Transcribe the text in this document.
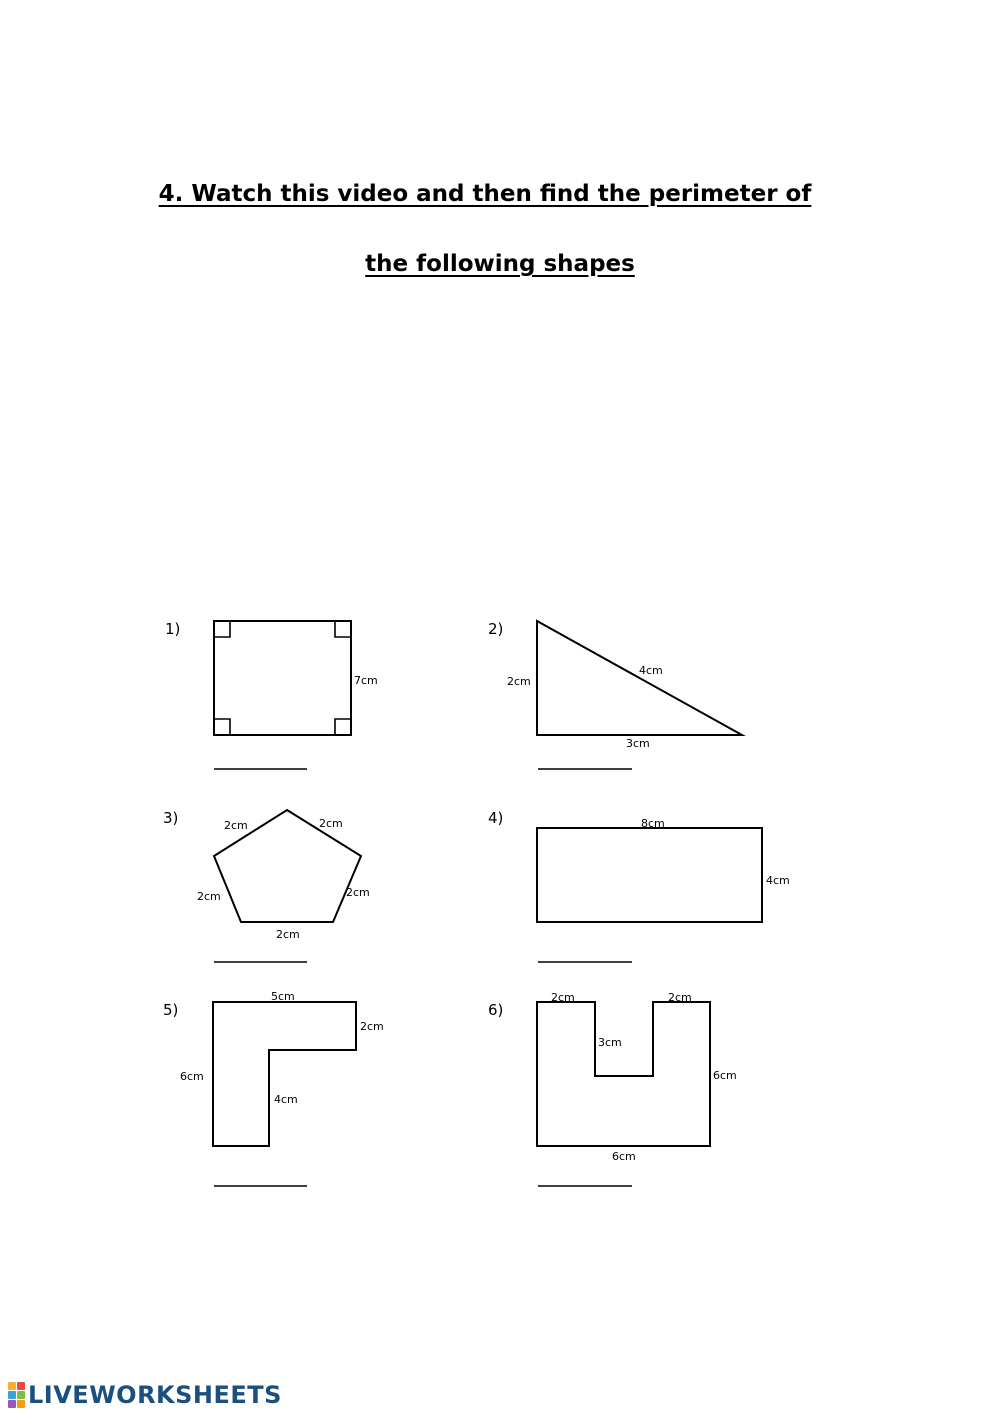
4. Watch this video and then find the perimeter of
the following shapes
1)
7cm
2)
2cm
4cm
3cm
3)	2cm	2cm
2cm	2cm
2cm
4)	8cm
4cm
5)
5cm
2cm
6cm
4cm
6)
2cm	2cm
3cm
6cm
6cm
LIVEWORKSHEETS
